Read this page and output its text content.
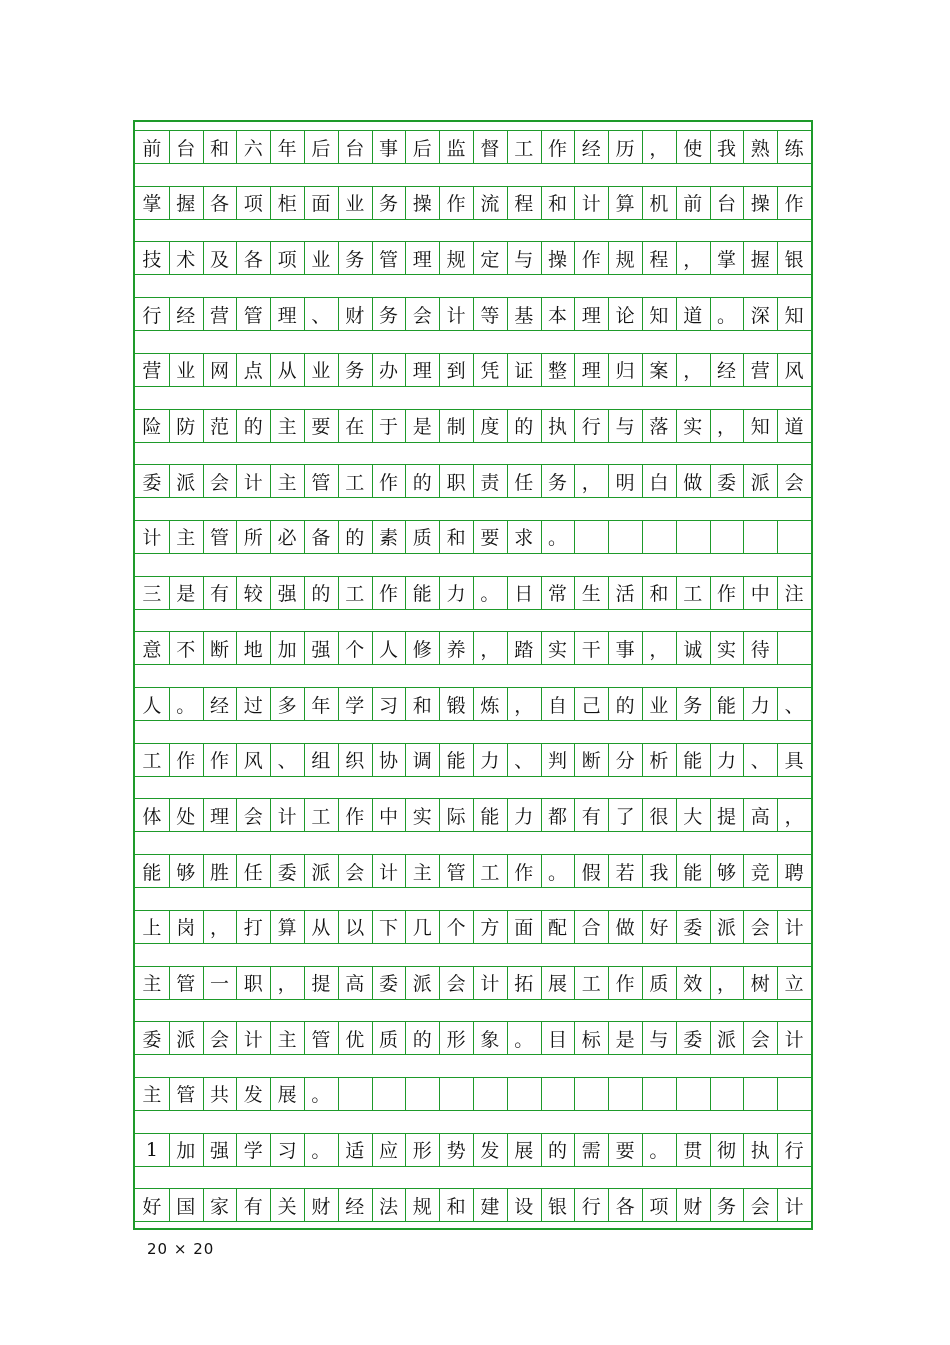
前 台 和 六 年 后 台 事 后 监 督 工 作 经 历 ， 使 我 熟 练
掌 握 各 项 柜 面 业 务 操 作 流 程 和 计 算 机 前 台 操 作
技 术 及 各 项 业 务 管 理 规 定 与 操 作 规 程 ， 掌 握 银
行 经 营 管 理 、 财 务 会 计 等 基 本 理 论 知 道 。 深 知
营 业 网 点 从 业 务 办 理 到 凭 证 整 理 归 案 ， 经 营 风
险 防 范 的 主 要 在 于 是 制 度 的 执 行 与 落 实 ， 知 道
委 派 会 计 主 管 工 作 的 职 责 任 务 ， 明 白 做 委 派 会
计 主 管 所 必 备 的 素 质 和 要 求 。
三 是 有 较 强 的 工 作 能 力 。 日 常 生 活 和 工 作 中 注
意 不 断 地 加 强 个 人 修 养 ， 踏 实 干 事 ， 诚 实 待
人 。 经 过 多 年 学 习 和 锻 炼 ， 自 己 的 业 务 能 力 、
工 作 作 风 、 组 织 协 调 能 力 、 判 断 分 析 能 力 、 具
体 处 理 会 计 工 作 中 实 际 能 力 都 有 了 很 大 提 高 ，
能 够 胜 任 委 派 会 计 主 管 工 作 。 假 若 我 能 够 竞 聘
上 岗 ， 打 算 从 以 下 几 个 方 面 配 合 做 好 委 派 会 计
主 管 一 职 ， 提 高 委 派 会 计 拓 展 工 作 质 效 ， 树 立
委 派 会 计 主 管 优 质 的 形 象 。 目 标 是 与 委 派 会 计
主 管 共 发 展 。
1 加 强 学 习 。 适 应 形 势 发 展 的 需 要 。 贯 彻 执 行
好 国 家 有 关 财 经 法 规 和 建 设 银 行 各 项 财 务 会 计
20 × 20
